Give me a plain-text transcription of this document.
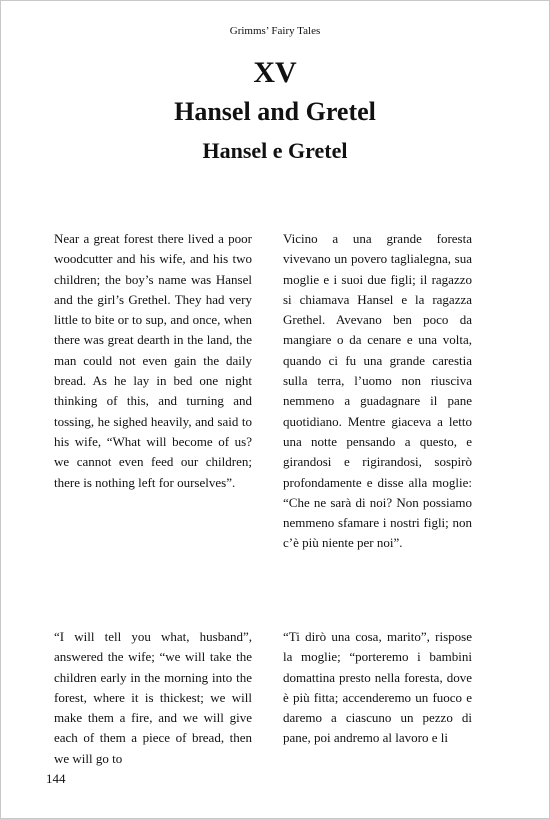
Grimms’ Fairy Tales
XV
Hansel and Gretel
Hansel e Gretel
Near a great forest there lived a poor woodcutter and his wife, and his two children; the boy’s name was Hansel and the girl’s Grethel. They had very little to bite or to sup, and once, when there was great dearth in the land, the man could not even gain the daily bread. As he lay in bed one night thinking of this, and turning and tossing, he sighed heavily, and said to his wife, “What will become of us? we cannot even feed our children; there is nothing left for ourselves”.
Vicino a una grande foresta vivevano un povero taglialegna, sua moglie e i suoi due figli; il ragazzo si chiamava Hansel e la ragazza Grethel. Avevano ben poco da mangiare o da cenare e una volta, quando ci fu una grande carestia sulla terra, l’uomo non riusciva nemmeno a guadagnare il pane quotidiano. Mentre giaceva a letto una notte pensando a questo, e girandosi e rigirandosi, sospirò profondamente e disse alla moglie: “Che ne sarà di noi? Non possiamo nemmeno sfamare i nostri figli; non c’è più niente per noi”.
“I will tell you what, husband”, answered the wife; “we will take the children early in the morning into the forest, where it is thickest; we will make them a fire, and we will give each of them a piece of bread, then we will go to
“Ti dirò una cosa, marito”, rispose la moglie; “porteremo i bambini domattina presto nella foresta, dove è più fitta; accenderemo un fuoco e daremo a ciascuno un pezzo di pane, poi andremo al lavoro e li
144
